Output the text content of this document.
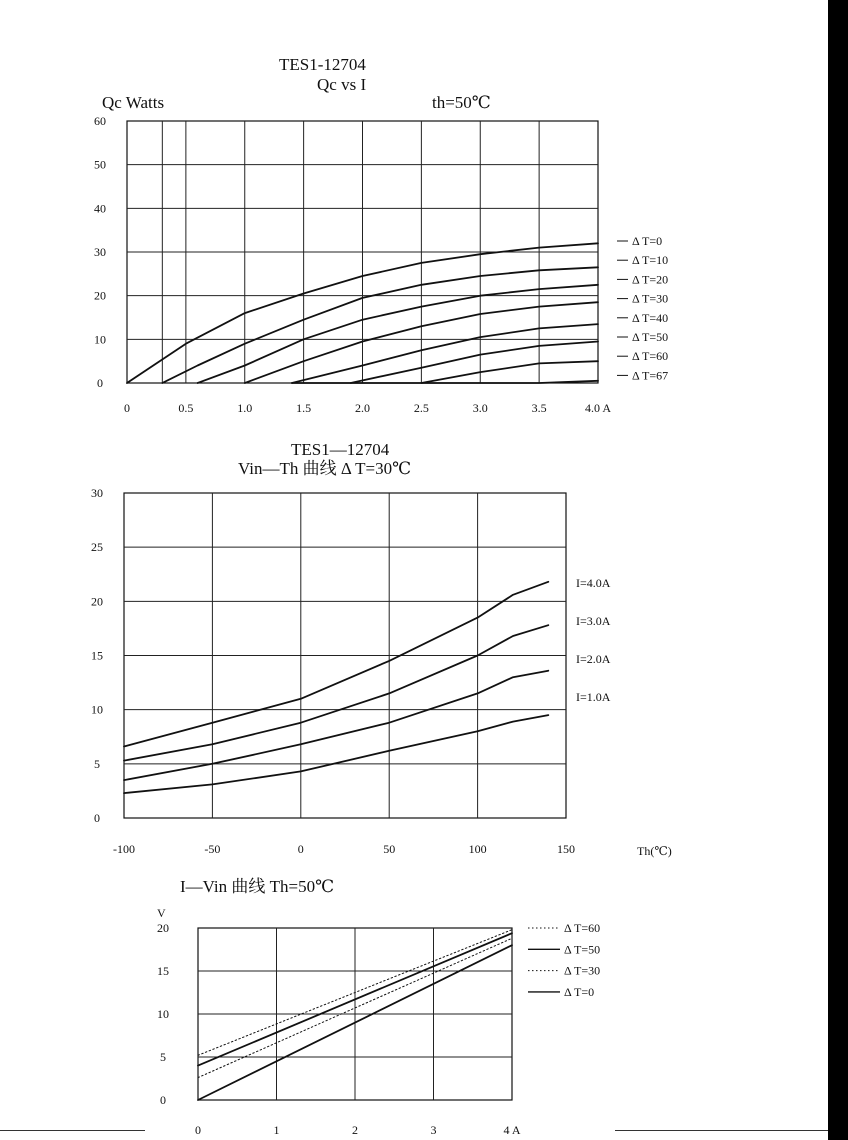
TES1-12704
Qc vs I
th=50℃
Qc Watts
0	0.5	1.0	1.5	2.0	2.5	3.0	3.5	4.0 A
0
10
20
30
40
50
60
Δ T=0
Δ T=10
Δ T=20
Δ T=30
Δ T=40
Δ T=50
Δ T=60
Δ T=67
TES1—12704
Vin—Th 曲线 Δ T=30℃
Th(℃)
-100	-50	0	50	100	150
0
5
10
15
20
25
30
I=4.0A
I=3.0A
I=2.0A
I=1.0A
I—Vin 曲线 Th=50℃
V
0	1	2	3	4 A
0
5
10
15
20	Δ T=60
Δ T=50
Δ T=30
Δ T=0
